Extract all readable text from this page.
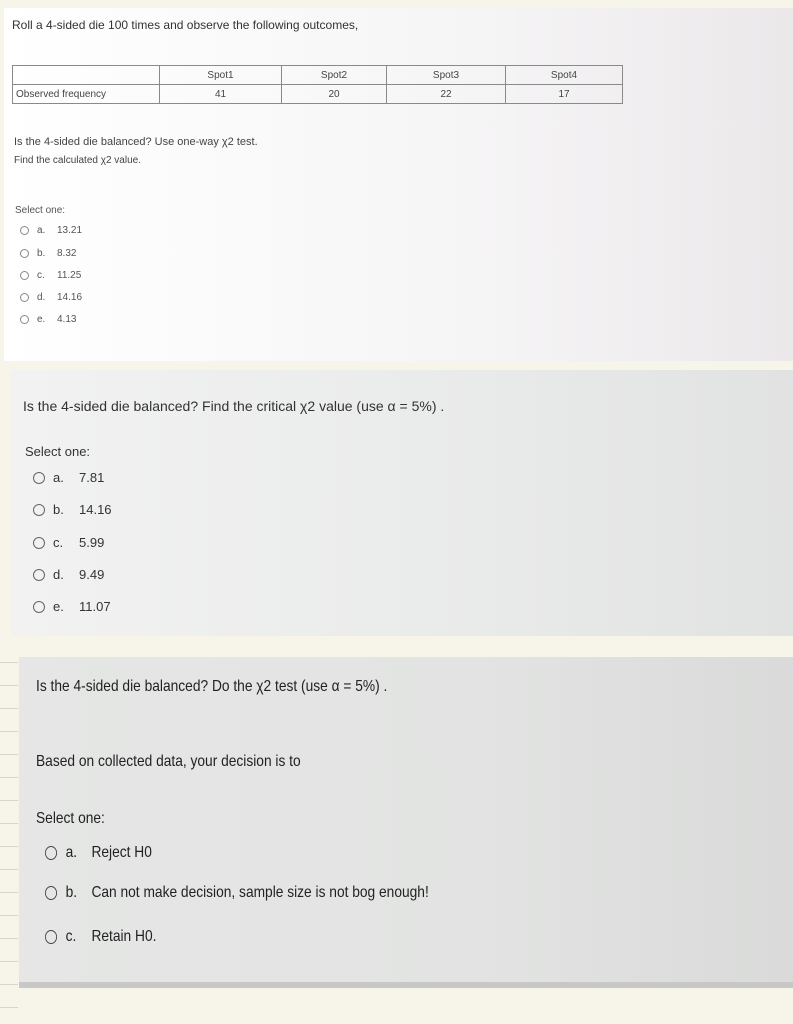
Roll a 4-sided die 100 times and observe the following outcomes,
	Spot1	Spot2	Spot3	Spot4
Observed frequency	41	20	22	17
Is the 4-sided die balanced? Use one-way χ2 test.
Find the calculated χ2 value.
Select one:
a.	13.21
b.	8.32
c.	11.25
d.	14.16
e.	4.13
Is the 4-sided die balanced? Find the critical χ2 value (use α = 5%) .
Select one:
a.	7.81
b.	14.16
c.	5.99
d.	9.49
e.	11.07
Is the 4-sided die balanced? Do the χ2 test (use α = 5%) .
Based on collected data, your decision is to
Select one:
a. Reject H0
b. Can not make decision, sample size is not bog enough!
c. Retain H0.
